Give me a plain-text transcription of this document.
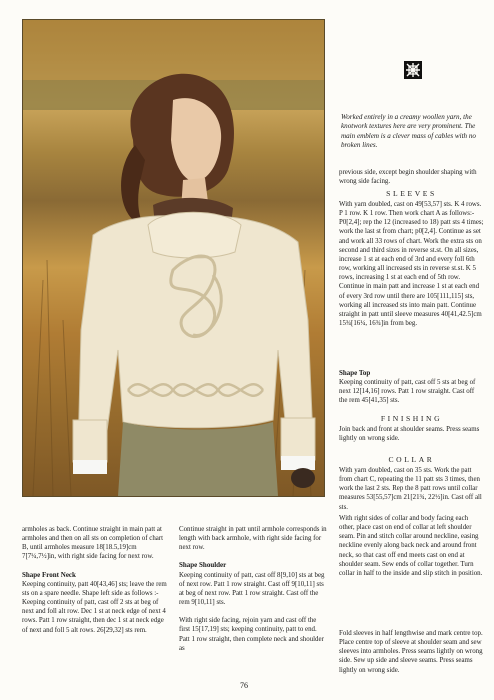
Worked entirely in a creamy woollen yarn, the knotwork textures here are very prominent. The main emblem is a clever mass of cables with no broken lines.

previous side, except begin shoulder shaping with wrong side facing.

SLEEVES

With yarn doubled, cast on 49[53,57] sts. K 4 rows. P 1 row. K 1 row. Then work chart A as follows:- P0[2,4]; rep the 12 (increased to 18) patt sts 4 times; work the last st from chart; p0[2,4]. Continue as set and work all 33 rows of chart. Work the extra sts on second and third sizes in reverse st.st. On all sizes, increase 1 st at each end of 3rd and every foll 6th row, working all increased sts in reverse st.st. K 5 rows, increasing 1 st at each end of 5th row. Continue in main patt and increase 1 st at each end of every 3rd row until there are 105[111,115] sts, working all increased sts into main patt. Continue straight in patt until sleeve measures 40[41,42.5]cm 15¾[16¼, 16¾]in from beg.

Shape Top

Keeping continuity of patt, cast off 5 sts at beg of next 12[14,16] rows. Patt 1 row straight. Cast off the rem 45[41,35] sts.

FINISHING

Join back and front at shoulder seams. Press seams lightly on wrong side.

COLLAR

With yarn doubled, cast on 35 sts. Work the patt from chart C, repeating the 11 patt sts 3 times, then work the last 2 sts. Rep the 8 patt rows until collar measures 53[55,57]cm 21[21¾, 22½]in. Cast off all sts.

With right sides of collar and body facing each other, place cast on end of collar at left shoulder seam. Pin and stitch collar around neckline, easing neckline evenly along back neck and around front neck, so that cast off end meets cast on end at shoulder seam. Sew ends of collar together. Turn collar in half to the inside and slip stitch in position.

Fold sleeves in half lengthwise and mark centre top. Place centre top of sleeve at shoulder seam and sew sleeves into armholes. Press seams lightly on wrong side. Sew up side and sleeve seams. Press seams lightly on wrong side.

armholes as back. Continue straight in main patt at armholes and then on all sts on completion of chart B, until armholes measure 18[18.5,19]cm 7[7¼,7½]in, with right side facing for next row.

Shape Front Neck

Keeping continuity, patt 40[43,46] sts; leave the rem sts on a spare needle. Shape left side as follows :- Keeping continuity of patt, cast off 2 sts at beg of next and foll alt row. Dec 1 st at neck edge of next 4 rows. Patt 1 row straight, then dec 1 st at neck edge of next and foll 5 alt rows. 26[29,32] sts rem.

Continue straight in patt until armhole corresponds in length with back armhole, with right side facing for next row.

Shape Shoulder

Keeping continuity of patt, cast off 8[9,10] sts at beg of next row. Patt 1 row straight. Cast off 9[10,11] sts at beg of next row. Patt 1 row straight. Cast off the rem 9[10,11] sts.

With right side facing, rejoin yarn and cast off the first 15[17,19] sts; keeping continuity, patt to end. Patt 1 row straight, then complete neck and shoulder as

76
